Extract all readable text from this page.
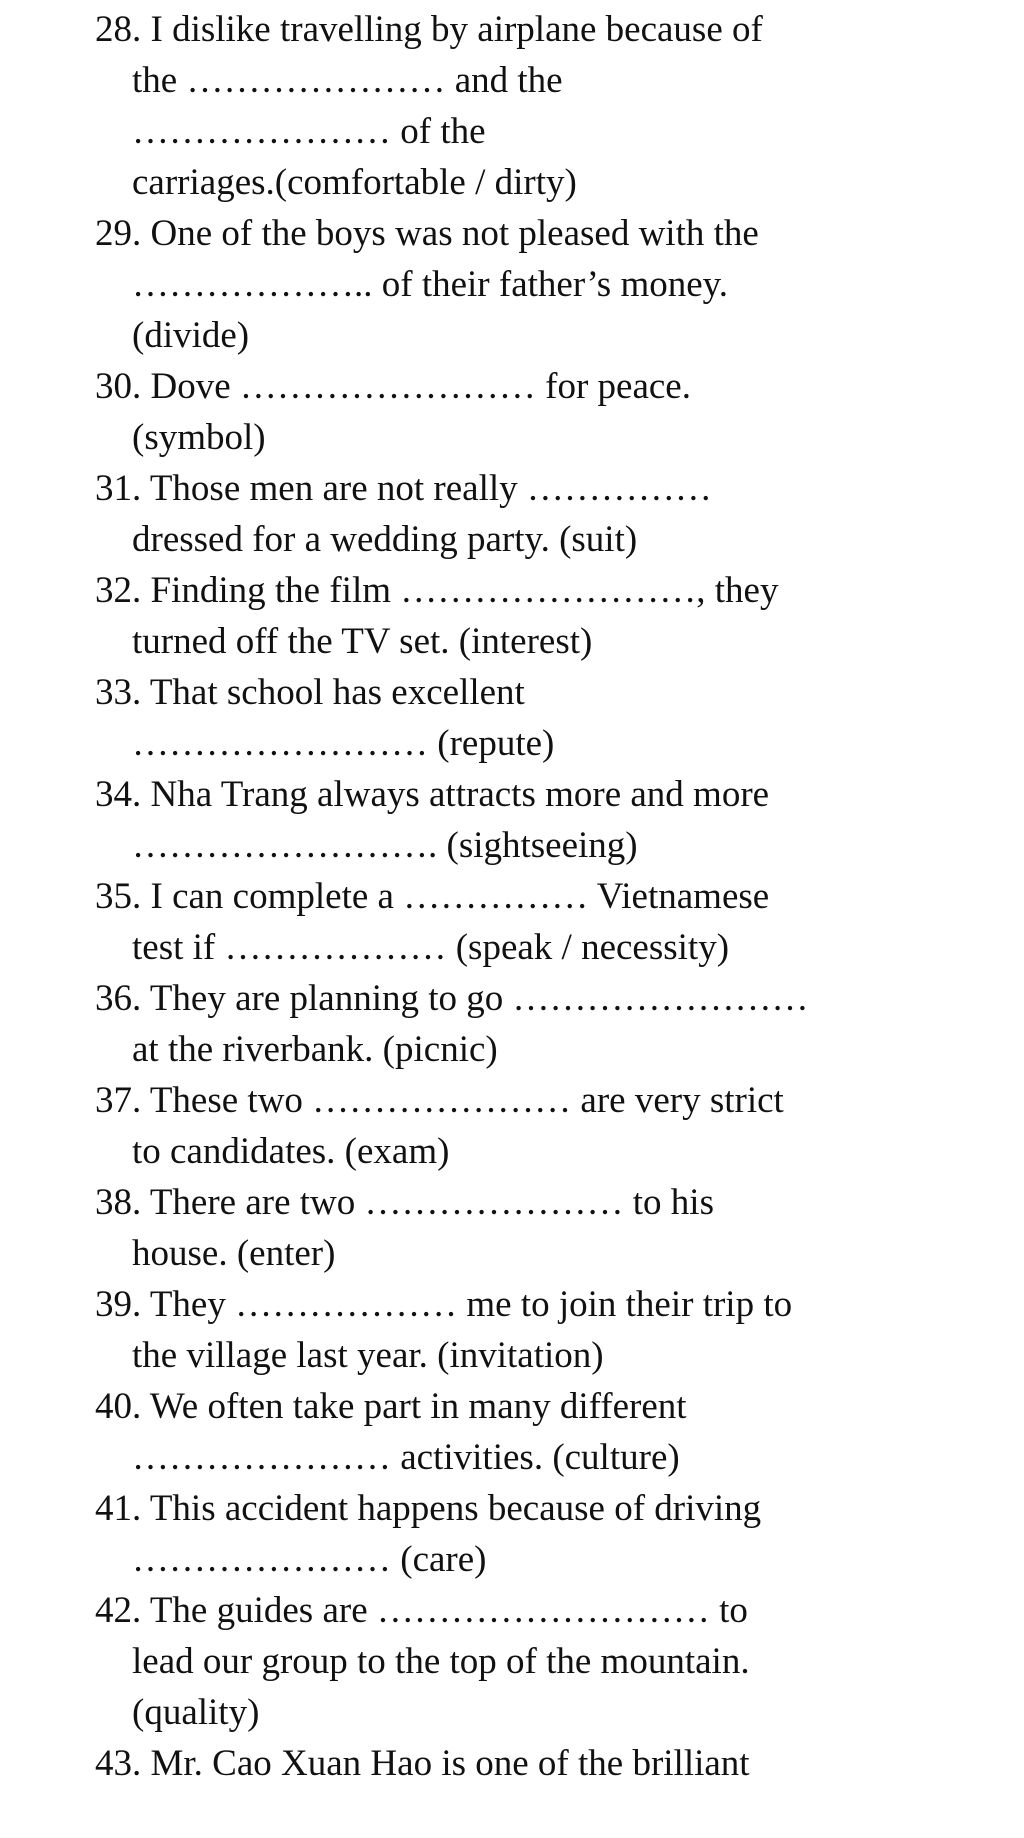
28. I dislike travelling by airplane because of
the ………………… and the
………………… of the
carriages.(comfortable / dirty)
29. One of the boys was not pleased with the
……………….. of their father’s money.
(divide)
30. Dove …………………… for peace.
(symbol)
31. Those men are not really ……………
dressed for a wedding party. (suit)
32. Finding the film ……………………, they
turned off the TV set. (interest)
33. That school has excellent
…………………… (repute)
34. Nha Trang always attracts more and more
……………………. (sightseeing)
35. I can complete a …………… Vietnamese
test if ……………… (speak / necessity)
36. They are planning to go ……………………
at the riverbank. (picnic)
37. These two ………………… are very strict
to candidates. (exam)
38. There are two ………………… to his
house. (enter)
39. They ……………… me to join their trip to
the village last year. (invitation)
40. We often take part in many different
………………… activities. (culture)
41. This accident happens because of driving
………………… (care)
42. The guides are ……………………… to
lead our group to the top of the mountain.
(quality)
43. Mr. Cao Xuan Hao is one of the brilliant
